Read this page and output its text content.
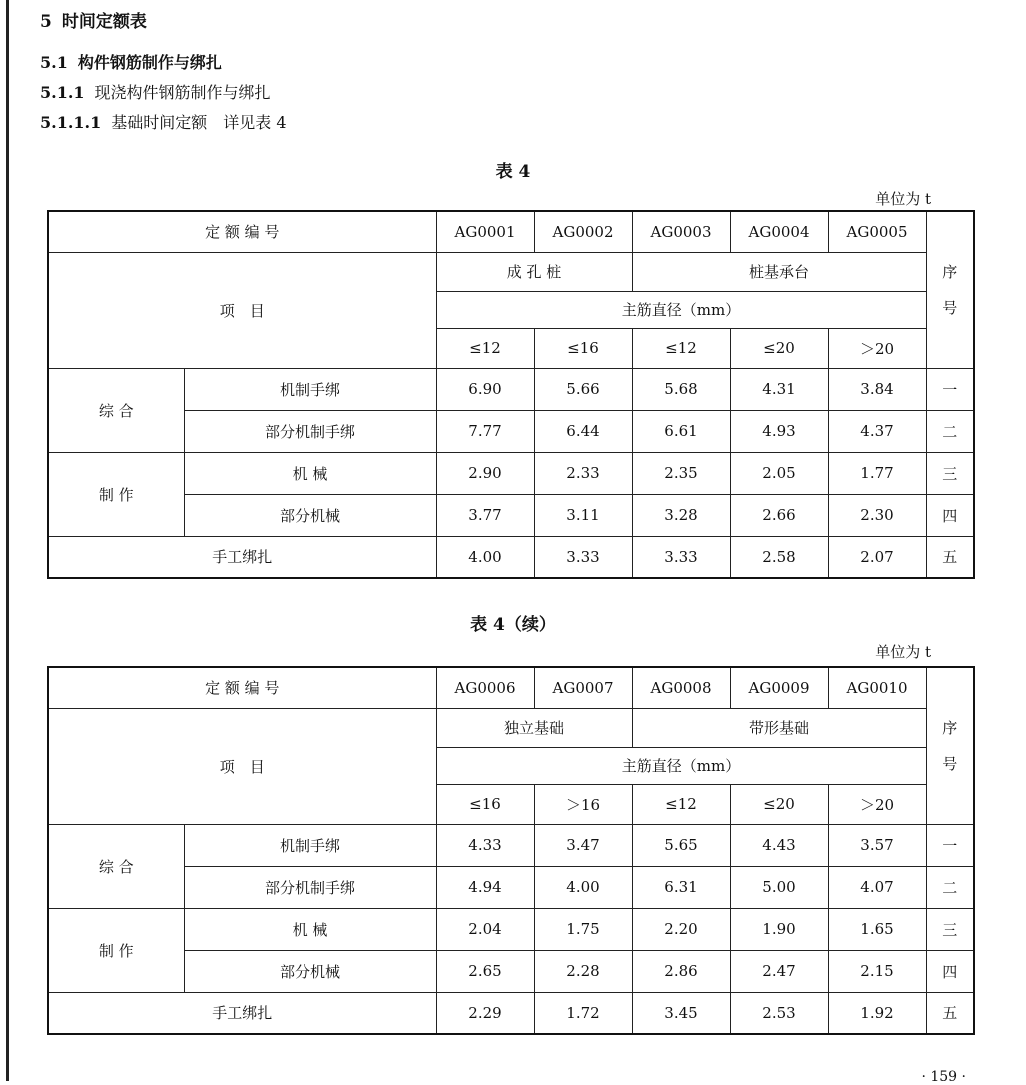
5 时间定额表
5.1 构件钢筋制作与绑扎
5.1.1 现浇构件钢筋制作与绑扎
5.1.1.1 基础时间定额　详见表 4
表 4
单位为 t
定 额 编 号		AG0001	AG0002	AG0003	AG0004	AG0005	序号
项　目		成 孔 桩		桩基承台			
		主筋直径（mm）					
		≤12	≤16	≤12	≤20	＞20	
综 合	机制手绑	6.90	5.66	5.68	4.31	3.84	一
	部分机制手绑	7.77	6.44	6.61	4.93	4.37	二
制 作	机 械	2.90	2.33	2.35	2.05	1.77	三
	部分机械	3.77	3.11	3.28	2.66	2.30	四
手工绑扎		4.00	3.33	3.33	2.58	2.07	五
表 4（续）
单位为 t
定 额 编 号		AG0006	AG0007	AG0008	AG0009	AG0010	序号
项　目		独立基础		带形基础			
		主筋直径（mm）					
		≤16	＞16	≤12	≤20	＞20	
综 合	机制手绑	4.33	3.47	5.65	4.43	3.57	一
	部分机制手绑	4.94	4.00	6.31	5.00	4.07	二
制 作	机 械	2.04	1.75	2.20	1.90	1.65	三
	部分机械	2.65	2.28	2.86	2.47	2.15	四
手工绑扎		2.29	1.72	3.45	2.53	1.92	五
· 159 ·
